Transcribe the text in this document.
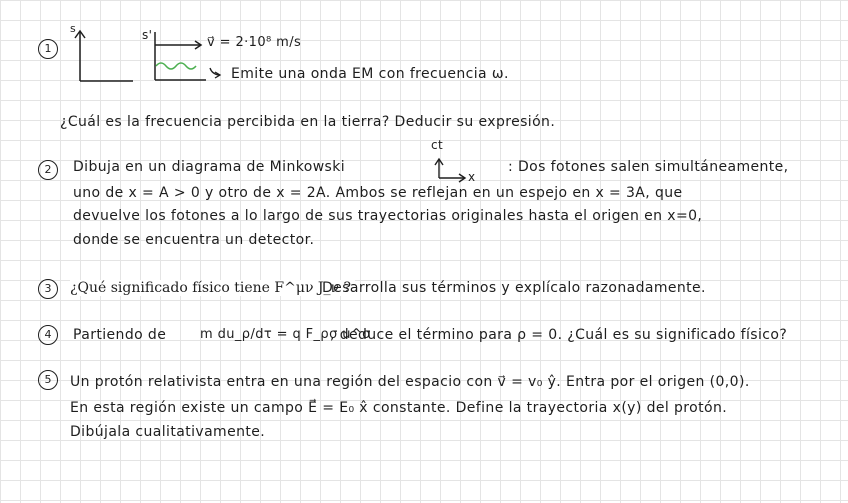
1
s	s'	v⃗ = 2·10⁸ m/s
Emite una onda EM con frecuencia ω.
¿Cuál es la frecuencia percibida en la tierra? Deducir su expresión.
2
ct
x
Dibuja en un diagrama de Minkowski	: Dos fotones salen simultáneamente,
uno de x = A > 0 y otro de x = 2A. Ambos se reflejan en un espejo en x = 3A, que
devuelve los fotones a lo largo de sus trayectorias originales hasta el origen en x=0,
donde se encuentra un detector.
3	¿Qué significado físico tiene F^μν J_ν ?
Desarrolla sus términos y explícalo razonadamente.
4	Partiendo de	m du_ρ/dτ = q F_ρσ u^σ
, deduce el término para ρ = 0. ¿Cuál es su significado físico?
5	Un protón relativista entra en una región del espacio con v⃗ = v₀ ŷ. Entra por el origen (0,0).
En esta región existe un campo E⃗ = E₀ x̂ constante. Define la trayectoria x(y) del protón.
Dibújala cualitativamente.
